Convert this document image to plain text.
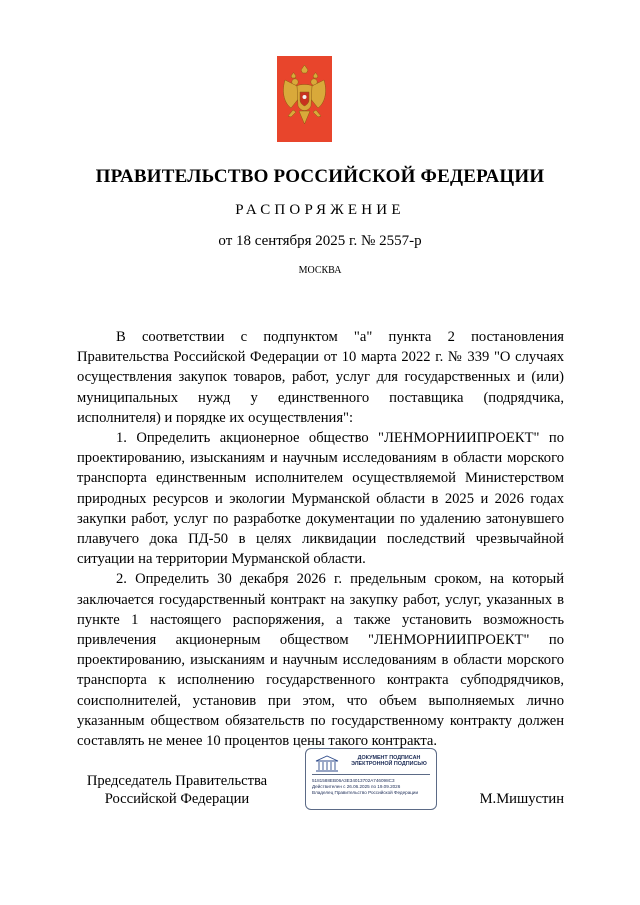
ПРАВИТЕЛЬСТВО РОССИЙСКОЙ ФЕДЕРАЦИИ
РАСПОРЯЖЕНИЕ
от 18 сентября 2025 г. № 2557-р
МОСКВА

В соответствии с подпунктом "а" пункта 2 постановления Правительства Российской Федерации от 10 марта 2022 г. № 339 "О случаях осуществления закупок товаров, работ, услуг для государственных и (или) муниципальных нужд у единственного поставщика (подрядчика, исполнителя) и порядке их осуществления":

1. Определить акционерное общество "ЛЕНМОРНИИПРОЕКТ" по проектированию, изысканиям и научным исследованиям в области морского транспорта единственным исполнителем осуществляемой Министерством природных ресурсов и экологии Мурманской области в 2025 и 2026 годах закупки работ, услуг по разработке документации по удалению затонувшего плавучего дока ПД-50 в целях ликвидации последствий чрезвычайной ситуации на территории Мурманской области.

2. Определить 30 декабря 2026 г. предельным сроком, на который заключается государственный контракт на закупку работ, услуг, указанных в пункте 1 настоящего распоряжения, а также установить возможность привлечения акционерным обществом "ЛЕНМОРНИИПРОЕКТ" по проектированию, изысканиям и научным исследованиям в области морского транспорта к исполнению государственного контракта субподрядчиков, соисполнителей, установив при этом, что объем выполняемых лично указанным обществом обязательств по государственному контракту должен составлять не менее 10 процентов цены такого контракта.

Председатель Правительства
Российской Федерации
ДОКУМЕНТ ПОДПИСАН
ЭЛЕКТРОННОЙ ПОДПИСЬЮ
5181588EB06A3E34013702A746098C3
Действителен с 26.06.2025 по 19.09.2026
Владелец Правительство Российской Федерации	М.Мишустин
